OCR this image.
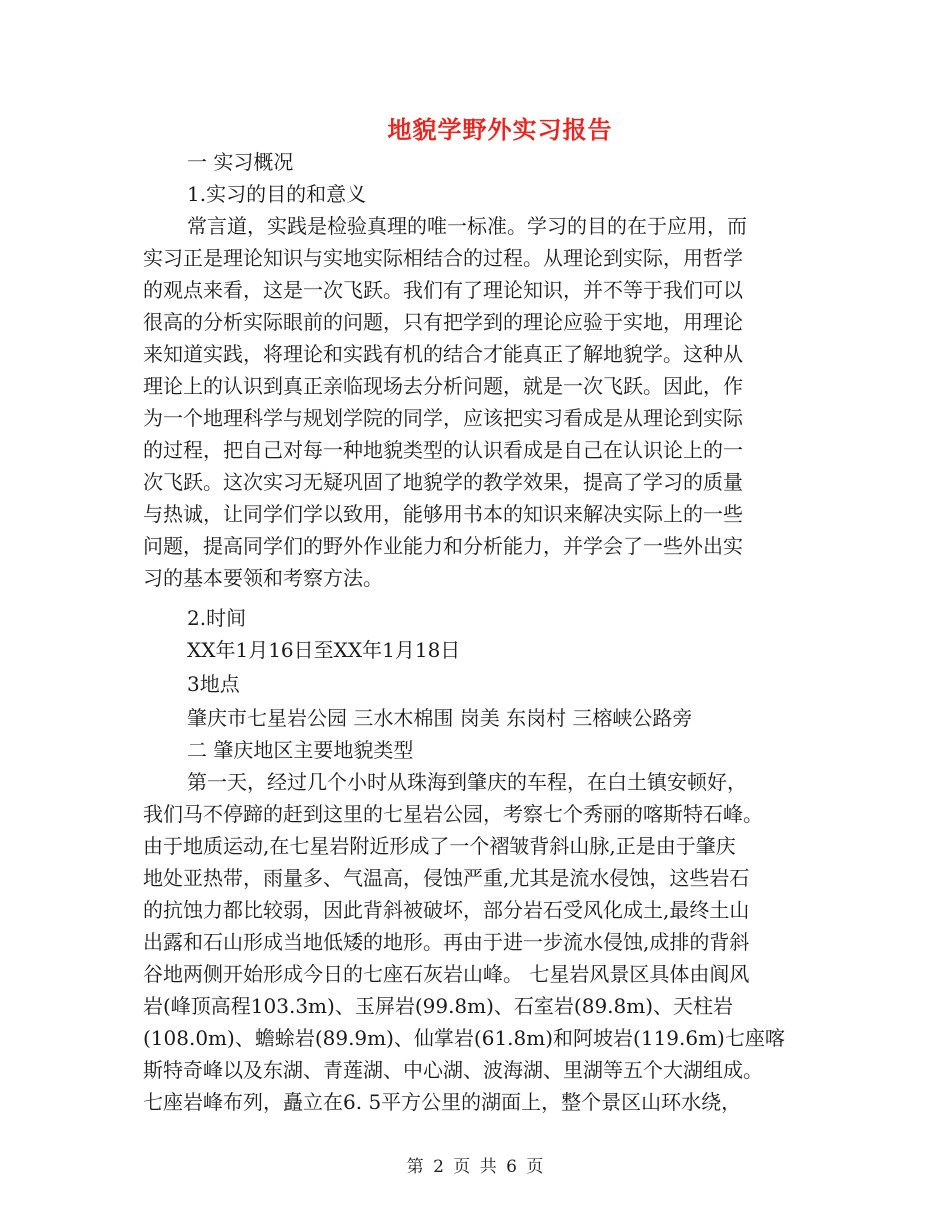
地貌学野外实习报告
一 实习概况
1.实习的目的和意义
常言道，实践是检验真理的唯一标准。学习的目的在于应用，而
实习正是理论知识与实地实际相结合的过程。从理论到实际，用哲学
的观点来看，这是一次飞跃。我们有了理论知识，并不等于我们可以
很高的分析实际眼前的问题，只有把学到的理论应验于实地，用理论
来知道实践，将理论和实践有机的结合才能真正了解地貌学。这种从
理论上的认识到真正亲临现场去分析问题，就是一次飞跃。因此，作
为一个地理科学与规划学院的同学，应该把实习看成是从理论到实际
的过程，把自己对每一种地貌类型的认识看成是自己在认识论上的一
次飞跃。这次实习无疑巩固了地貌学的教学效果，提高了学习的质量
与热诚，让同学们学以致用，能够用书本的知识来解决实际上的一些
问题，提高同学们的野外作业能力和分析能力，并学会了一些外出实
习的基本要领和考察方法。
2.时间
XX年1月16日至XX年1月18日
3地点
肇庆市七星岩公园 三水木棉围 岗美 东岗村 三榕峡公路旁
二 肇庆地区主要地貌类型
第一天，经过几个小时从珠海到肇庆的车程，在白土镇安顿好，
我们马不停蹄的赶到这里的七星岩公园，考察七个秀丽的喀斯特石峰。
由于地质运动,在七星岩附近形成了一个褶皱背斜山脉,正是由于肇庆
地处亚热带，雨量多、气温高，侵蚀严重,尤其是流水侵蚀，这些岩石
的抗蚀力都比较弱，因此背斜被破坏，部分岩石受风化成土,最终土山
出露和石山形成当地低矮的地形。再由于进一步流水侵蚀,成排的背斜
谷地两侧开始形成今日的七座石灰岩山峰。 七星岩风景区具体由阆风
岩(峰顶高程103.3m)、玉屏岩(99.8m)、石室岩(89.8m)、天柱岩
(108.0m)、蟾蜍岩(89.9m)、仙掌岩(61.8m)和阿坡岩(119.6m)七座喀
斯特奇峰以及东湖、青莲湖、中心湖、波海湖、里湖等五个大湖组成。
七座岩峰布列，矗立在6. 5平方公里的湖面上，整个景区山环水绕，
第 2 页 共 6 页
